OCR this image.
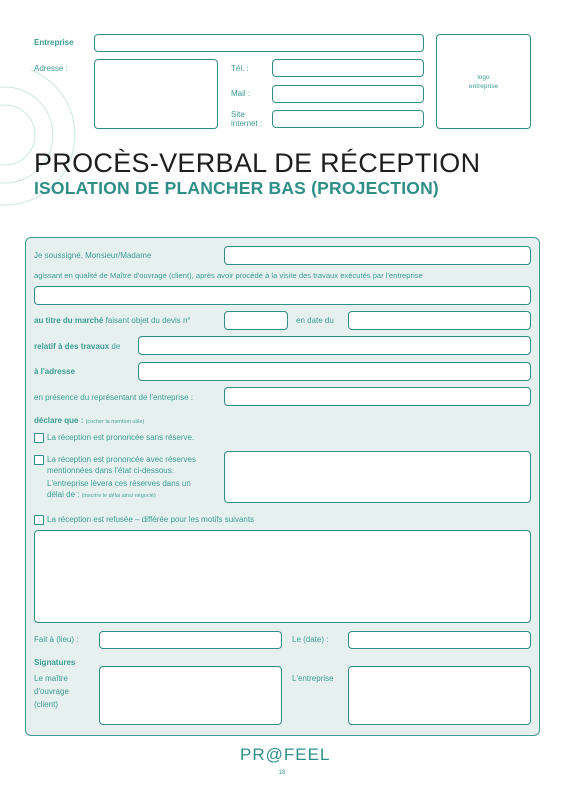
Entreprise
Adresse :	Tél. :
Mail :
Site
internet :
logo
entreprise
PROCÈS-VERBAL DE RÉCEPTION
ISOLATION DE PLANCHER BAS (PROJECTION)
Je soussigné, Monsieur/Madame
agissant en qualité de Maître d'ouvrage (client), après avoir procédé à la visite des travaux exécutés par l'entreprise
au titre du marché faisant objet du devis n°	en date du
relatif à des travaux de
à l'adresse
en présence du représentant de l'entreprise :
déclare que : (cocher la mention utile)
La réception est prononcée sans réserve.
La réception est prononcée avec réserves
mentionnées dans l'état ci-dessous.
L'entreprise lèvera ces réserves dans un
délai de : (inscrire le délai ainsi négocié)
La réception est refusée – différée pour les motifs suivants
Fait à (lieu) :	Le (date) :
Signatures
Le maître
d'ouvrage
(client)
L'entreprise
PR@FEEL
18
